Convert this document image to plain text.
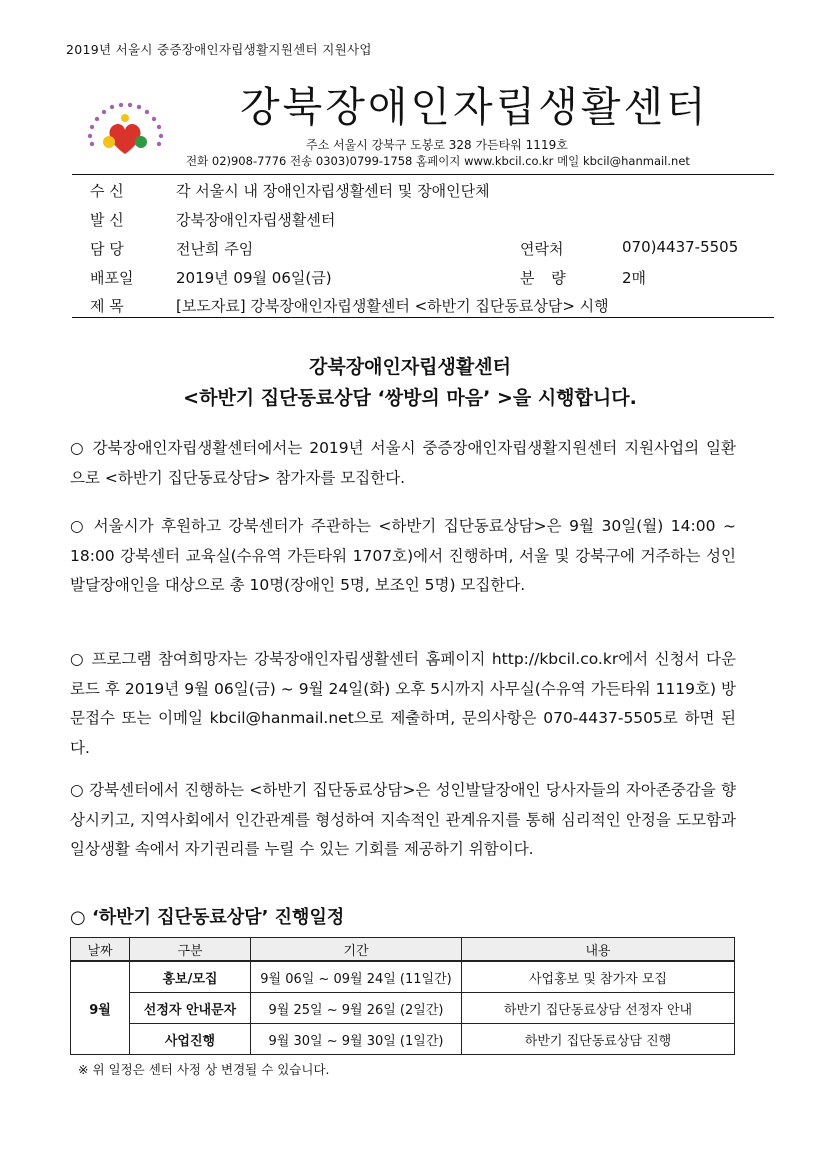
2019년 서울시 중증장애인자립생활지원센터 지원사업
강북장애인자립생활센터
주소 서울시 강북구 도봉로 328 가든타워 1119호
전화 02)908-7776 전송 0303)0799-1758 홈페이지 www.kbcil.co.kr 메일 kbcil@hanmail.net
수 신	각 서울시 내 장애인자립생활센터 및 장애인단체
발 신	강북장애인자립생활센터
담 당	전난희 주임	연락처	070)4437-5505
배포일	2019년 09월 06일(금)	분 량	2매
제 목	[보도자료] 강북장애인자립생활센터 <하반기 집단동료상담> 시행
강북장애인자립생활센터
<하반기 집단동료상담 ‘쌍방의 마음’ >을 시행합니다.
○ 강북장애인자립생활센터에서는 2019년 서울시 중증장애인자립생활지원센터 지원사업의 일환으로 <하반기 집단동료상담> 참가자를 모집한다.
○ 서울시가 후원하고 강북센터가 주관하는 <하반기 집단동료상담>은 9월 30일(월) 14:00 ~ 18:00 강북센터 교육실(수유역 가든타워 1707호)에서 진행하며, 서울 및 강북구에 거주하는 성인발달장애인을 대상으로 총 10명(장애인 5명, 보조인 5명) 모집한다.
○ 프로그램 참여희망자는 강북장애인자립생활센터 홈페이지 http://kbcil.co.kr에서 신청서 다운로드 후 2019년 9월 06일(금) ~ 9월 24일(화) 오후 5시까지 사무실(수유역 가든타워 1119호) 방문접수 또는 이메일 kbcil@hanmail.net으로 제출하며, 문의사항은 070-4437-5505로 하면 된다.
○ 강북센터에서 진행하는 <하반기 집단동료상담>은 성인발달장애인 당사자들의 자아존중감을 향상시키고, 지역사회에서 인간관계를 형성하여 지속적인 관계유지를 통해 심리적인 안정을 도모함과 일상생활 속에서 자기권리를 누릴 수 있는 기회를 제공하기 위함이다.
○ ‘하반기 집단동료상담’ 진행일정
날짜	구분	기간	내용
9월	홍보/모집	9월 06일 ~ 09월 24일 (11일간)	사업홍보 및 참가자 모집
	선정자 안내문자	9월 25일 ~ 9월 26일 (2일간)	하반기 집단동료상담 선정자 안내
	사업진행	9월 30일 ~ 9월 30일 (1일간)	하반기 집단동료상담 진행
※ 위 일정은 센터 사정 상 변경될 수 있습니다.
